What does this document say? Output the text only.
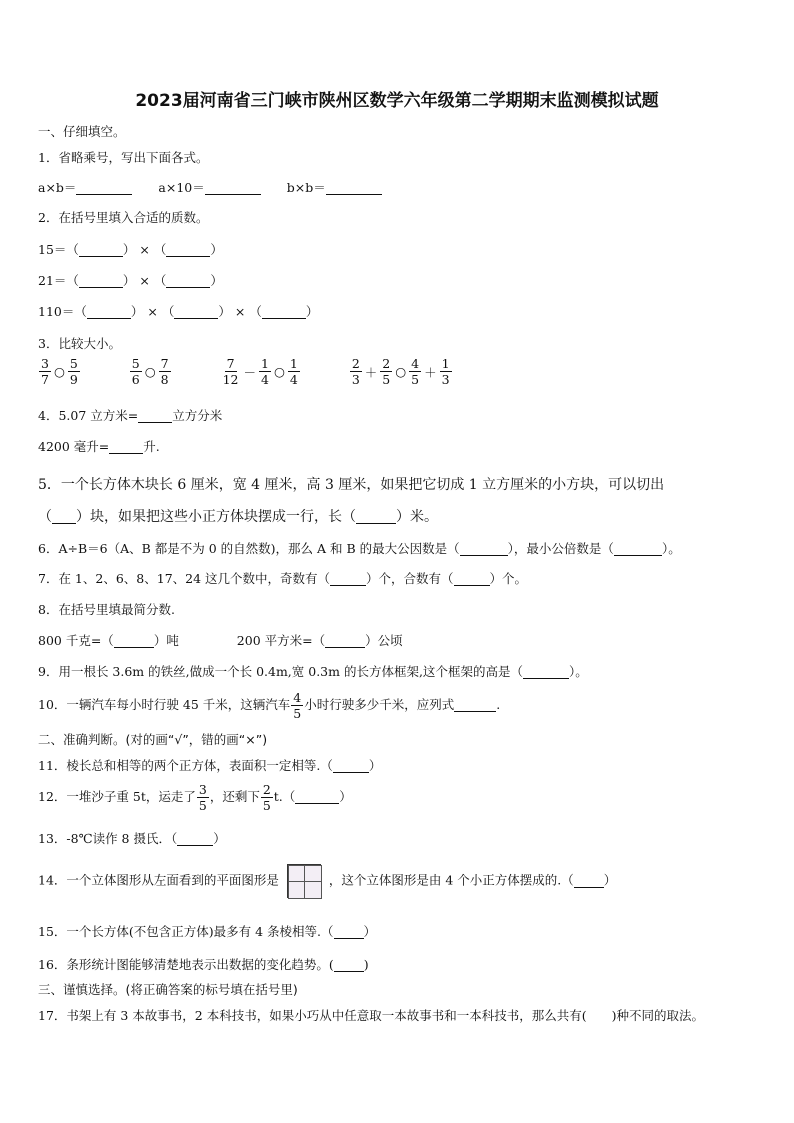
2023届河南省三门峡市陕州区数学六年级第二学期期末监测模拟试题
一、仔细填空。
1．省略乘号，写出下面各式。
a×b＝	a×10＝	b×b＝
2．在括号里填入合适的质数。
15＝（	） × （	）
21＝（	） × （	）
110＝（	） × （	） × （	）
3．比较大小。
$\frac{3}{7}$ ○ $\frac{5}{9}$
	$\frac{5}{6}$ ○ $\frac{7}{8}$
	$\frac{7}{12} - \frac{1}{4}$ ○ $\frac{1}{4}$
	$\frac{2}{3} + \frac{2}{5}$ ○ $\frac{4}{5} + \frac{1}{3}$
4．5.07 立方米=	立方分米
4200 毫升=	升.
5．一个长方体木块长 6 厘米，宽 4 厘米，高 3 厘米，如果把它切成 1 立方厘米的小方块，可以切出
（ ）块，如果把这些小正方体块摆成一行，长（	）米。
6．A÷B＝6（A、B 都是不为 0 的自然数)，那么 A 和 B 的最大公因数是（	），最小公倍数是（	）。
7．在 1、2、6、8、17、24 这几个数中，奇数有（	）个，合数有（	）个。
8．在括号里填最简分数.
800 千克=（	）吨	200 平方米=（	）公顷
9．用一根长 3.6m 的铁丝,做成一个长 0.4m,宽 0.3m 的长方体框架,这个框架的高是（	）。
10．一辆汽车每小时行驶 45 千米，这辆汽车 $\frac{4}{5}$ 小时行驶多少千米，应列式	.
二、准确判断。(对的画“√”，错的画“×”)
11．棱长总和相等的两个正方体，表面积一定相等.（	）
12．一堆沙子重 5t，运走了 $\frac{3}{5}$ ，还剩下 $\frac{2}{5} t$.（	）
13．-8℃读作 8 摄氏．（	）
14．一个立体图形从左面看到的平面图形是	，这个立体图形是由 4 个小正方体摆成的.（ ）
15．一个长方体(不包含正方体)最多有 4 条棱相等.（ ）
16．条形统计图能够清楚地表示出数据的变化趋势。( )
三、谨慎选择。(将正确答案的标号填在括号里)
17．书架上有 3 本故事书，2 本科技书，如果小巧从中任意取一本故事书和一本科技书，那么共有(　　)种不同的取法。
